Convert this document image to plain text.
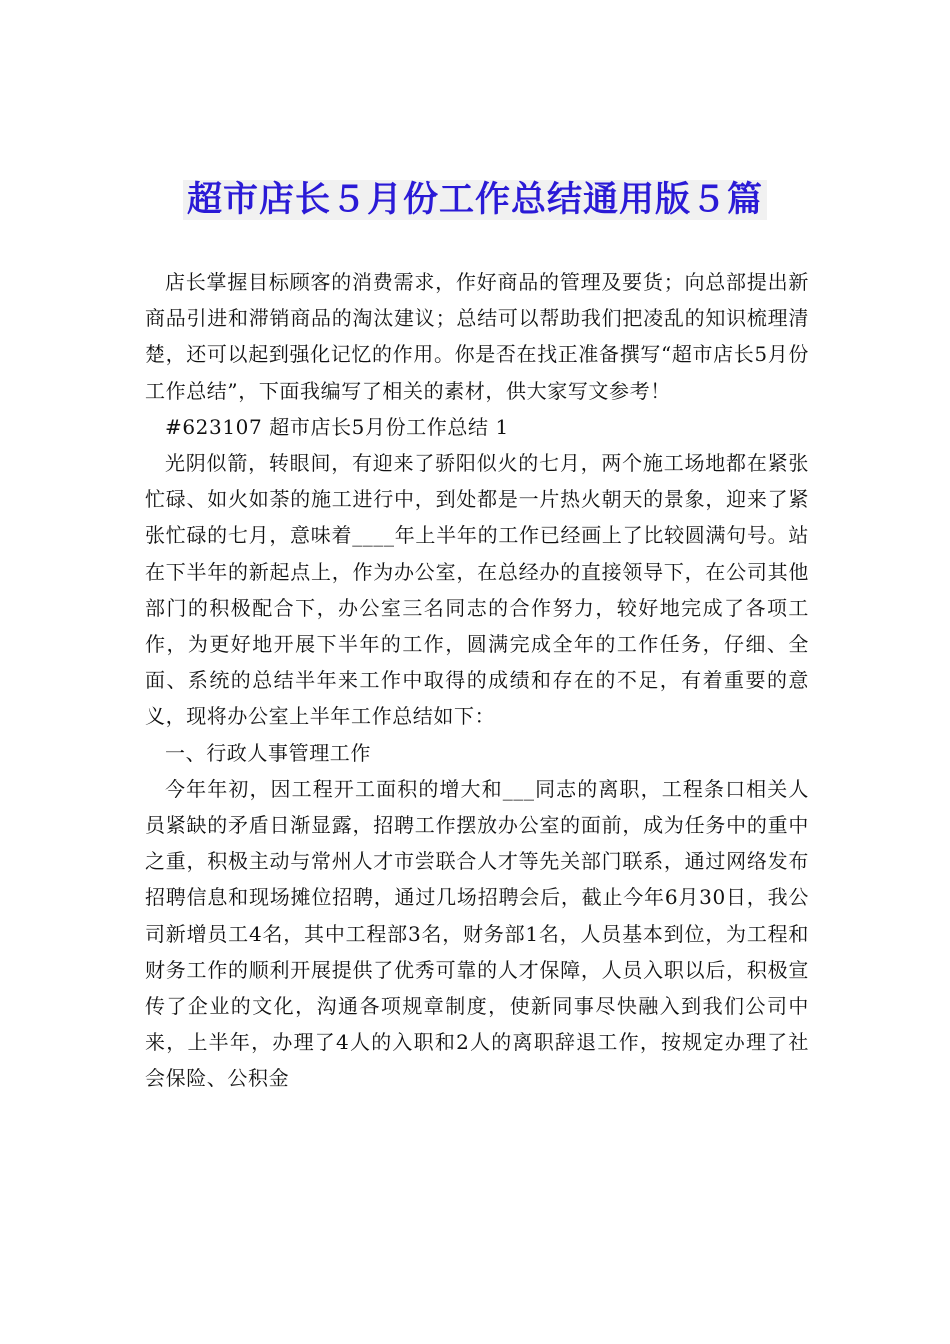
超市店长５月份工作总结通用版５篇

店长掌握目标顾客的消费需求，作好商品的管理及要货；向总部提出新商品引进和滞销商品的淘汰建议；总结可以帮助我们把凌乱的知识梳理清楚，还可以起到强化记忆的作用。你是否在找正准备撰写“超市店长5月份工作总结”，下面我编写了相关的素材，供大家写文参考！

#623107 超市店长5月份工作总结 1

光阴似箭，转眼间，有迎来了骄阳似火的七月，两个施工场地都在紧张忙碌、如火如荼的施工进行中，到处都是一片热火朝天的景象，迎来了紧张忙碌的七月，意味着____年上半年的工作已经画上了比较圆满句号。站在下半年的新起点上，作为办公室，在总经办的直接领导下，在公司其他部门的积极配合下，办公室三名同志的合作努力，较好地完成了各项工作，为更好地开展下半年的工作，圆满完成全年的工作任务，仔细、全面、系统的总结半年来工作中取得的成绩和存在的不足，有着重要的意义，现将办公室上半年工作总结如下：

一、行政人事管理工作

今年年初，因工程开工面积的增大和___同志的离职，工程条口相关人员紧缺的矛盾日渐显露，招聘工作摆放办公室的面前，成为任务中的重中之重，积极主动与常州人才市尝联合人才等先关部门联系，通过网络发布招聘信息和现场摊位招聘，通过几场招聘会后，截止今年6月30日，我公司新增员工4名，其中工程部3名，财务部1名，人员基本到位，为工程和财务工作的顺利开展提供了优秀可靠的人才保障，人员入职以后，积极宣传了企业的文化，沟通各项规章制度，使新同事尽快融入到我们公司中来，上半年，办理了4人的入职和2人的离职辞退工作，按规定办理了社会保险、公积金
